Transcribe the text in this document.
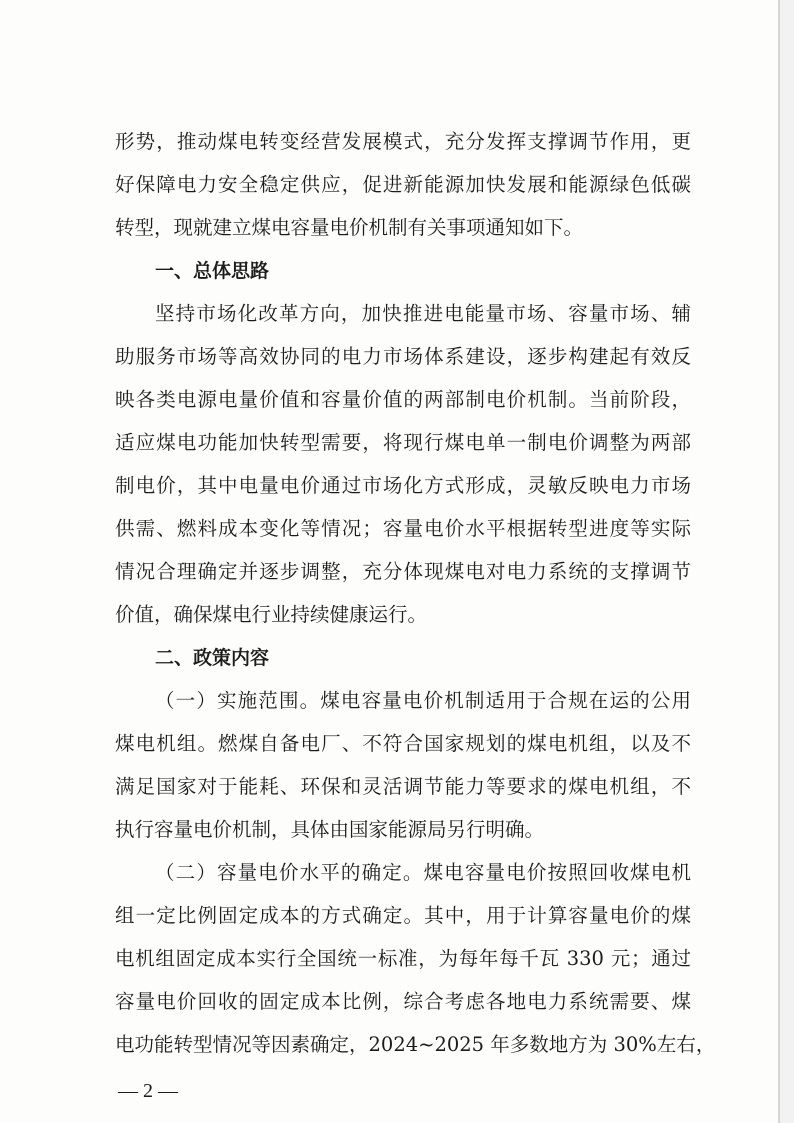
形势，推动煤电转变经营发展模式，充分发挥支撑调节作用，更
好保障电力安全稳定供应，促进新能源加快发展和能源绿色低碳
转型，现就建立煤电容量电价机制有关事项通知如下。
一、总体思路
坚持市场化改革方向，加快推进电能量市场、容量市场、辅
助服务市场等高效协同的电力市场体系建设，逐步构建起有效反
映各类电源电量价值和容量价值的两部制电价机制。当前阶段，
适应煤电功能加快转型需要，将现行煤电单一制电价调整为两部
制电价，其中电量电价通过市场化方式形成，灵敏反映电力市场
供需、燃料成本变化等情况；容量电价水平根据转型进度等实际
情况合理确定并逐步调整，充分体现煤电对电力系统的支撑调节
价值，确保煤电行业持续健康运行。
二、政策内容
（一）实施范围。煤电容量电价机制适用于合规在运的公用
煤电机组。燃煤自备电厂、不符合国家规划的煤电机组，以及不
满足国家对于能耗、环保和灵活调节能力等要求的煤电机组，不
执行容量电价机制，具体由国家能源局另行明确。
（二）容量电价水平的确定。煤电容量电价按照回收煤电机
组一定比例固定成本的方式确定。其中，用于计算容量电价的煤
电机组固定成本实行全国统一标准，为每年每千瓦 330 元；通过
容量电价回收的固定成本比例，综合考虑各地电力系统需要、煤
电功能转型情况等因素确定，2024~2025 年多数地方为 30%左右，
— 2 —
